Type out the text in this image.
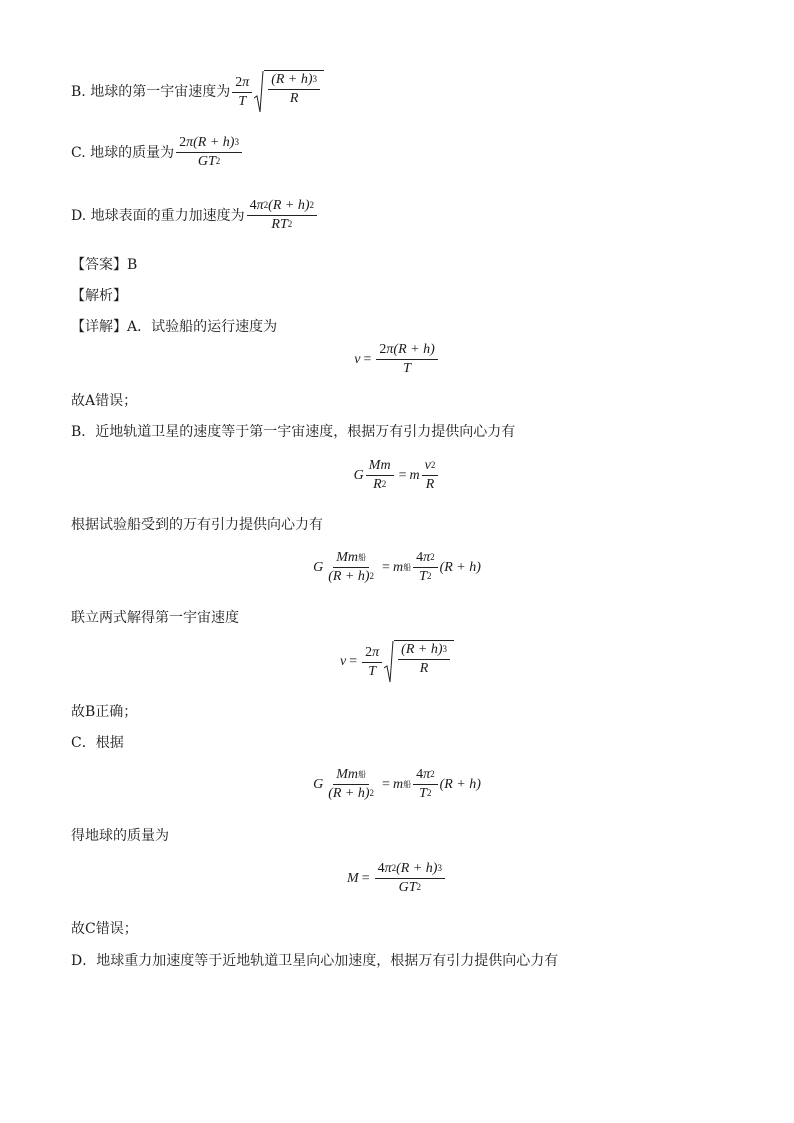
B.
地球的第一宇宙速度为 $\frac{2 \pi}{T} \frac{(R + h)^3}{R}$
C.
地球的质量为 $\frac{2 \pi(R + h)^3}{GT^2}$
D.
地球表面的重力加速度为 $\frac{4 \pi^2 (R + h)^2}{RT^2}$
【答案】B
【解析】
【详解】A．试验船的运行速度为
$v = \frac{2 \pi(R + h)}{T}$
故A错误；
B．近地轨道卫星的速度等于第一宇宙速度，根据万有引力提供向心力有
G $\frac{Mm}{R^2} = m \frac{v^2}{R}$
根据试验船受到的万有引力提供向心力有
G $\frac{\text{Mm 船}}{(R + h)^2} = m$ 船 $\frac{4 \pi^2}{T^2} (R + h)$
联立两式解得第一宇宙速度
$v = \frac{2 \pi}{T} \frac{(R + h)^3}{R}$
故B正确；
C．根据
G $\frac{\text{Mm 船}}{(R + h)^2} = m$ 船 $\frac{4 \pi^2}{T^2} (R + h)$
得地球的质量为
$M = \frac{4 \pi^2 (R + h)^3}{GT^2}$
故C错误；
D．地球重力加速度等于近地轨道卫星向心加速度，根据万有引力提供向心力有
